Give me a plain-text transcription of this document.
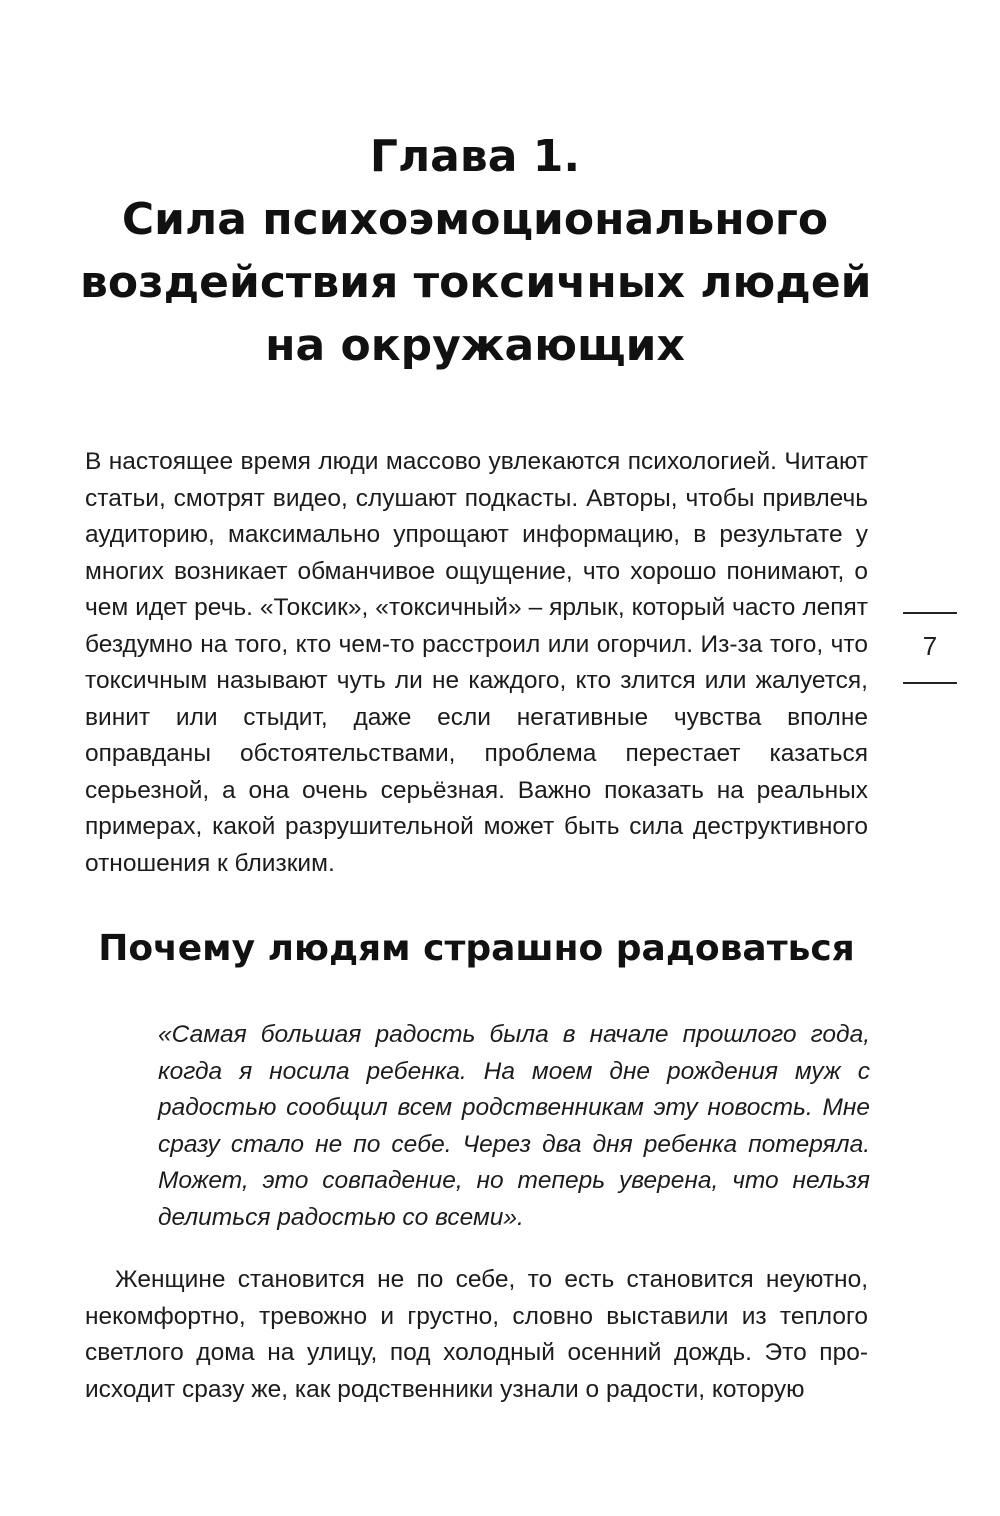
Глава 1.
Сила психоэмоционального
воздействия токсичных людей
на окружающих

В настоящее время люди массово увлекаются психологией. Читают статьи, смотрят видео, слушают подкасты. Авторы, чтобы привлечь аудиторию, максимально упрощают информацию, в результате у многих возникает обманчивое ощущение, что хорошо понимают, о чем идет речь. «Токсик», «токсичный» – ярлык, который часто лепят бездумно на того, кто чем-то расстроил или огорчил. Из-за того, что токсичным называют чуть ли не каждого, кто злится или жалуется, винит или стыдит, даже если негативные чувства вполне оправданы обстоятельствами, проблема перестает казаться серьезной, а она очень серьёзная. Важно показать на реальных примерах, какой разрушительной может быть сила деструктивного отношения к близким.

Почему людям страшно радоваться

«Самая большая радость была в начале прошлого года, когда я носила ребенка. На моем дне рождения муж с радостью сообщил всем родственникам эту новость. Мне сразу стало не по себе. Через два дня ребенка потеряла. Может, это совпадение, но теперь уверена, что нельзя делиться радостью со всеми».

Женщине становится не по себе, то есть становится неуютно, некомфортно, тревожно и грустно, словно выставили из теплого светлого дома на улицу, под холодный осенний дождь. Это происходит сразу же, как родственники узнали о радости, которую

7
